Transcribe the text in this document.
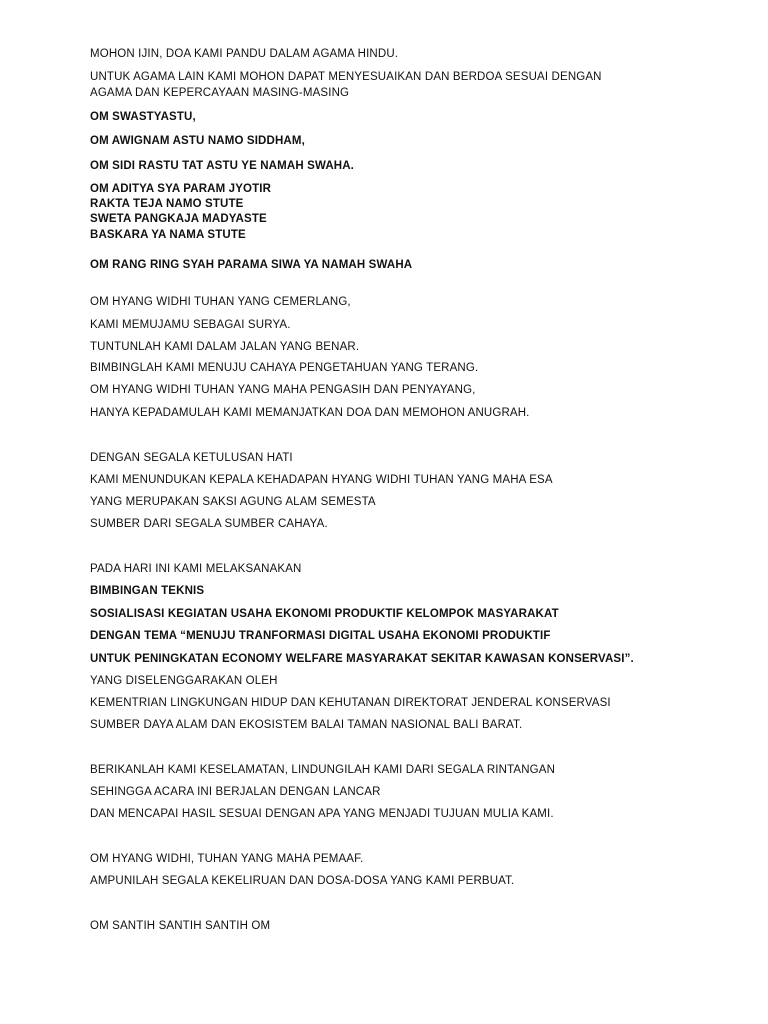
MOHON IJIN, DOA KAMI PANDU DALAM AGAMA HINDU.

UNTUK AGAMA LAIN KAMI MOHON DAPAT MENYESUAIKAN DAN BERDOA SESUAI DENGAN

AGAMA DAN KEPERCAYAAN MASING-MASING

OM SWASTYASTU,

OM AWIGNAM ASTU NAMO SIDDHAM,

OM SIDI RASTU TAT ASTU YE NAMAH SWAHA.

OM ADITYA SYA PARAM JYOTIR

RAKTA TEJA NAMO STUTE

SWETA PANGKAJA MADYASTE

BASKARA YA NAMA STUTE

OM RANG RING SYAH PARAMA SIWA YA NAMAH SWAHA

OM HYANG WIDHI TUHAN YANG CEMERLANG,

KAMI MEMUJAMU SEBAGAI SURYA.

TUNTUNLAH KAMI DALAM JALAN YANG BENAR.

BIMBINGLAH KAMI MENUJU CAHAYA PENGETAHUAN YANG TERANG.

OM HYANG WIDHI TUHAN YANG MAHA PENGASIH DAN PENYAYANG,

HANYA KEPADAMULAH KAMI MEMANJATKAN DOA DAN MEMOHON ANUGRAH.

DENGAN SEGALA KETULUSAN HATI

KAMI MENUNDUKAN KEPALA KEHADAPAN HYANG WIDHI TUHAN YANG MAHA ESA

YANG MERUPAKAN SAKSI AGUNG ALAM SEMESTA

SUMBER DARI SEGALA SUMBER CAHAYA.

PADA HARI INI KAMI MELAKSANAKAN

BIMBINGAN TEKNIS

SOSIALISASI KEGIATAN USAHA EKONOMI PRODUKTIF KELOMPOK MASYARAKAT

DENGAN TEMA “MENUJU TRANFORMASI DIGITAL USAHA EKONOMI PRODUKTIF

UNTUK PENINGKATAN ECONOMY WELFARE MASYARAKAT SEKITAR KAWASAN KONSERVASI”.

YANG DISELENGGARAKAN OLEH

KEMENTRIAN LINGKUNGAN HIDUP DAN KEHUTANAN DIREKTORAT JENDERAL KONSERVASI

SUMBER DAYA ALAM DAN EKOSISTEM BALAI TAMAN NASIONAL BALI BARAT.

BERIKANLAH KAMI KESELAMATAN, LINDUNGILAH KAMI DARI SEGALA RINTANGAN

SEHINGGA ACARA INI BERJALAN DENGAN LANCAR

DAN MENCAPAI HASIL SESUAI DENGAN APA YANG MENJADI TUJUAN MULIA KAMI.

OM HYANG WIDHI, TUHAN YANG MAHA PEMAAF.

AMPUNILAH SEGALA KEKELIRUAN DAN DOSA-DOSA YANG KAMI PERBUAT.

OM SANTIH SANTIH SANTIH OM
